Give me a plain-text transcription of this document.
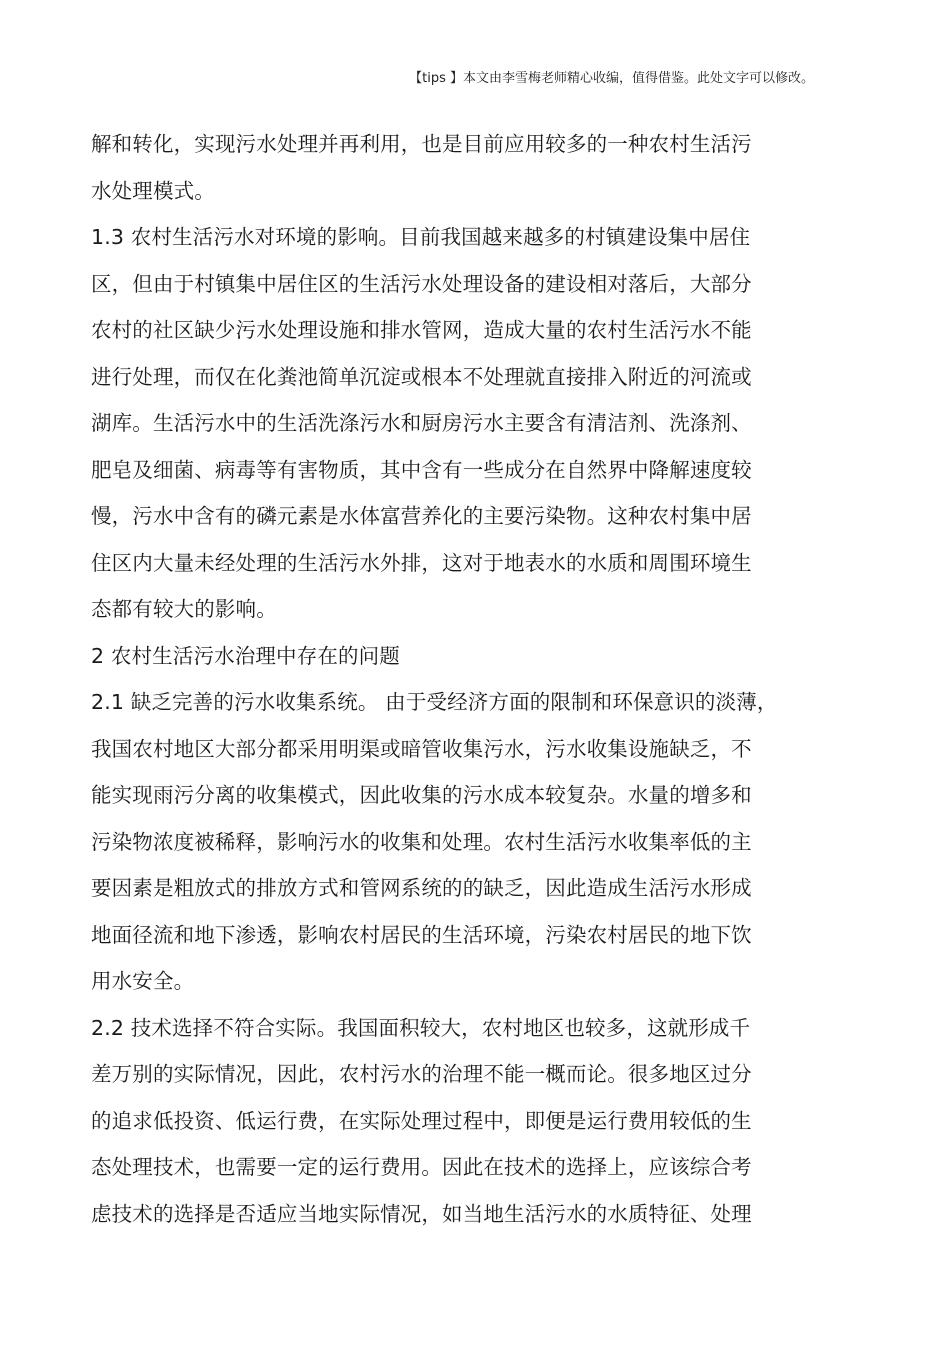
【tips 】本文由李雪梅老师精心收编，值得借鉴。此处文字可以修改。
解和转化，实现污水处理并再利用，也是目前应用较多的一种农村生活污
水处理模式。
1.3 农村生活污水对环境的影响。目前我国越来越多的村镇建设集中居住
区，但由于村镇集中居住区的生活污水处理设备的建设相对落后，大部分
农村的社区缺少污水处理设施和排水管网，造成大量的农村生活污水不能
进行处理，而仅在化粪池简单沉淀或根本不处理就直接排入附近的河流或
湖库。生活污水中的生活洗涤污水和厨房污水主要含有清洁剂、洗涤剂、
肥皂及细菌、病毒等有害物质，其中含有一些成分在自然界中降解速度较
慢，污水中含有的磷元素是水体富营养化的主要污染物。这种农村集中居
住区内大量未经处理的生活污水外排，这对于地表水的水质和周围环境生
态都有较大的影响。
2 农村生活污水治理中存在的问题
2.1 缺乏完善的污水收集系统。 由于受经济方面的限制和环保意识的淡薄，
我国农村地区大部分都采用明渠或暗管收集污水，污水收集设施缺乏，不
能实现雨污分离的收集模式，因此收集的污水成本较复杂。水量的增多和
污染物浓度被稀释，影响污水的收集和处理。农村生活污水收集率低的主
要因素是粗放式的排放方式和管网系统的的缺乏，因此造成生活污水形成
地面径流和地下渗透，影响农村居民的生活环境，污染农村居民的地下饮
用水安全。
2.2 技术选择不符合实际。我国面积较大，农村地区也较多，这就形成千
差万别的实际情况，因此，农村污水的治理不能一概而论。很多地区过分
的追求低投资、低运行费，在实际处理过程中，即便是运行费用较低的生
态处理技术，也需要一定的运行费用。因此在技术的选择上，应该综合考
虑技术的选择是否适应当地实际情况，如当地生活污水的水质特征、处理
